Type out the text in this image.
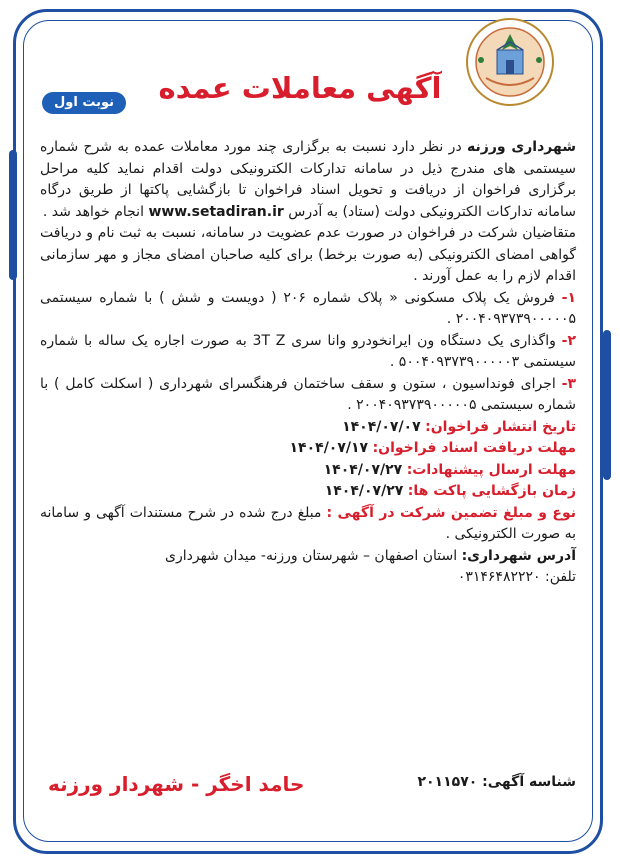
آگهی معاملات عمده
نوبت اول

شهرداری ورزنه در نظر دارد نسبت به برگزاری چند مورد معاملات عمده به شرح شماره سیستمی های مندرج ذیل در سامانه تدارکات الکترونیکی دولت اقدام نماید کلیه مراحل برگزاری فراخوان از دریافت و تحویل اسناد فراخوان تا بازگشایی پاکتها از طریق درگاه سامانه تدارکات الکترونیکی دولت (ستاد) به آدرس www.setadiran.ir انجام خواهد شد .

متقاضیان شرکت در فراخوان در صورت عدم عضویت در سامانه، نسبت به ثبت نام و دریافت گواهی امضای الکترونیکی (به صورت برخط) برای کلیه صاحبان امضای مجاز و مهر سازمانی اقدام لازم را به عمل آورند .

۱- فروش یک پلاک مسکونی « پلاک شماره ۲۰۶ ( دویست و شش ) با شماره سیستمی ۲۰۰۴۰۹۳۷۳۹۰۰۰۰۰۵ .

۲- واگذاری یک دستگاه ون ایرانخودرو وانا سری 3T Z به صورت اجاره یک ساله با شماره سیستمی ۵۰۰۴۰۹۳۷۳۹۰۰۰۰۰۳ .

۳- اجرای فونداسیون ، ستون و سقف ساختمان فرهنگسرای شهرداری ( اسکلت کامل ) با شماره سیستمی ۲۰۰۴۰۹۳۷۳۹۰۰۰۰۰۵ .

تاریخ انتشار فراخوان: ۱۴۰۴/۰۷/۰۷

مهلت دریافت اسناد فراخوان: ۱۴۰۴/۰۷/۱۷

مهلت ارسال پیشنهادات: ۱۴۰۴/۰۷/۲۷

زمان بازگشایی پاکت ها: ۱۴۰۴/۰۷/۲۷

نوع و مبلغ تضمین شرکت در آگهی : مبلغ درج شده در شرح مستندات آگهی و سامانه به صورت الکترونیکی .

آدرس شهرداری: استان اصفهان – شهرستان ورزنه- میدان شهرداری

تلفن: ۰۳۱۴۶۴۸۲۲۲۰

شناسه آگهی: ۲۰۱۱۵۷۰
حامد اخگر - شهردار ورزنه
